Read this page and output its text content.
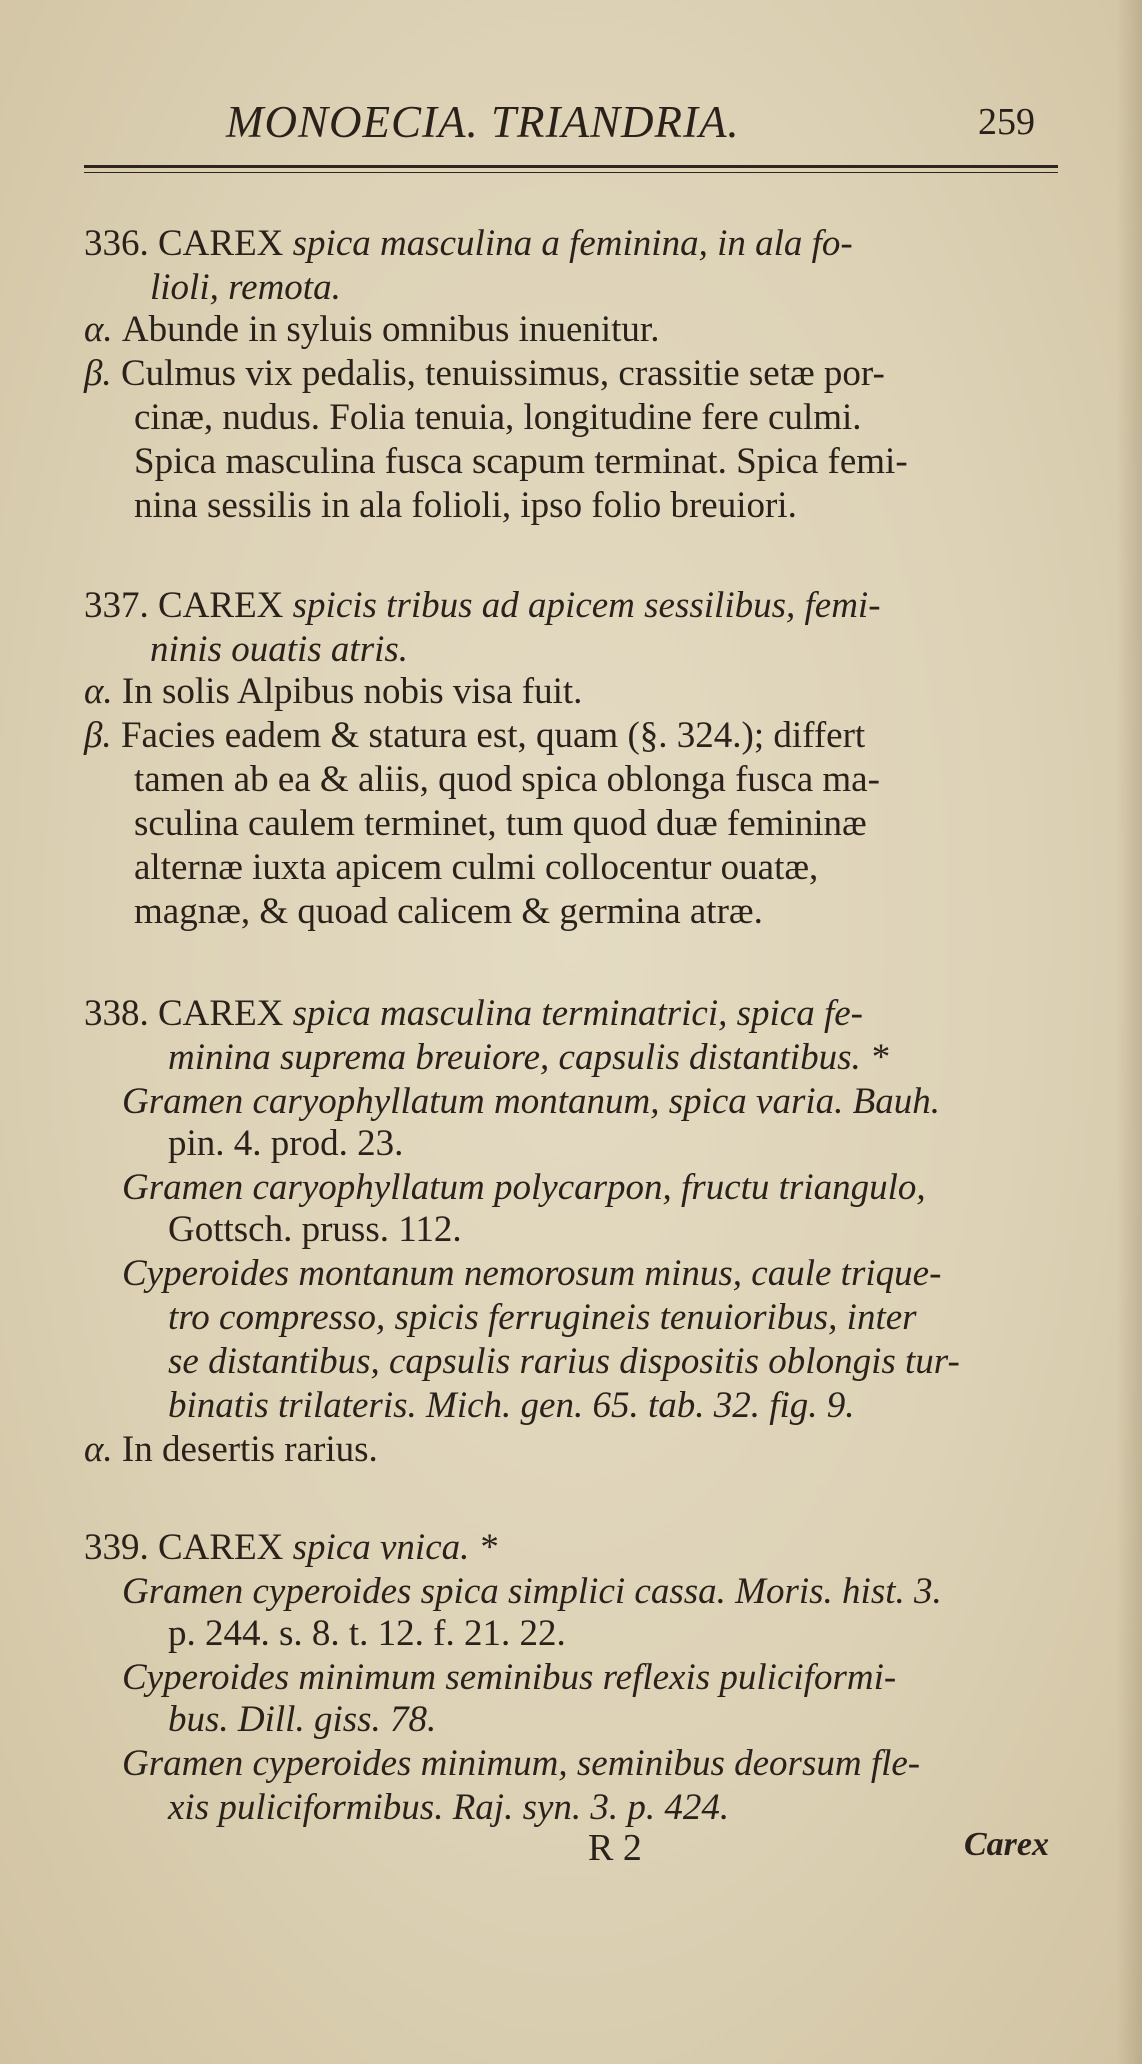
MONOECIA. TRIANDRIA.	259
336. CAREX spica masculina a feminina, in ala fo-
lioli, remota.
α. Abunde in syluis omnibus inuenitur.
β. Culmus vix pedalis, tenuissimus, crassitie setæ por-
cinæ, nudus. Folia tenuia, longitudine fere culmi.
Spica masculina fusca scapum terminat. Spica femi-
nina sessilis in ala folioli, ipso folio breuiori.
337. CAREX spicis tribus ad apicem sessilibus, femi-
ninis ouatis atris.
α. In solis Alpibus nobis visa fuit.
β. Facies eadem & statura est, quam (§. 324.); differt
tamen ab ea & aliis, quod spica oblonga fusca ma-
sculina caulem terminet, tum quod duæ femininæ
alternæ iuxta apicem culmi collocentur ouatæ,
magnæ, & quoad calicem & germina atræ.
338. CAREX spica masculina terminatrici, spica fe-
minina suprema breuiore, capsulis distantibus. *
Gramen caryophyllatum montanum, spica varia. Bauh.
pin. 4. prod. 23.
Gramen caryophyllatum polycarpon, fructu triangulo,
Gottsch. pruss. 112.
Cyperoides montanum nemorosum minus, caule trique-
tro compresso, spicis ferrugineis tenuioribus, inter
se distantibus, capsulis rarius dispositis oblongis tur-
binatis trilateris. Mich. gen. 65. tab. 32. fig. 9.
α. In desertis rarius.
339. CAREX spica vnica. *
Gramen cyperoides spica simplici cassa. Moris. hist. 3.
p. 244. s. 8. t. 12. f. 21. 22.
Cyperoides minimum seminibus reflexis puliciformi-
bus. Dill. giss. 78.
Gramen cyperoides minimum, seminibus deorsum fle-
xis puliciformibus. Raj. syn. 3. p. 424.
R 2	Carex
